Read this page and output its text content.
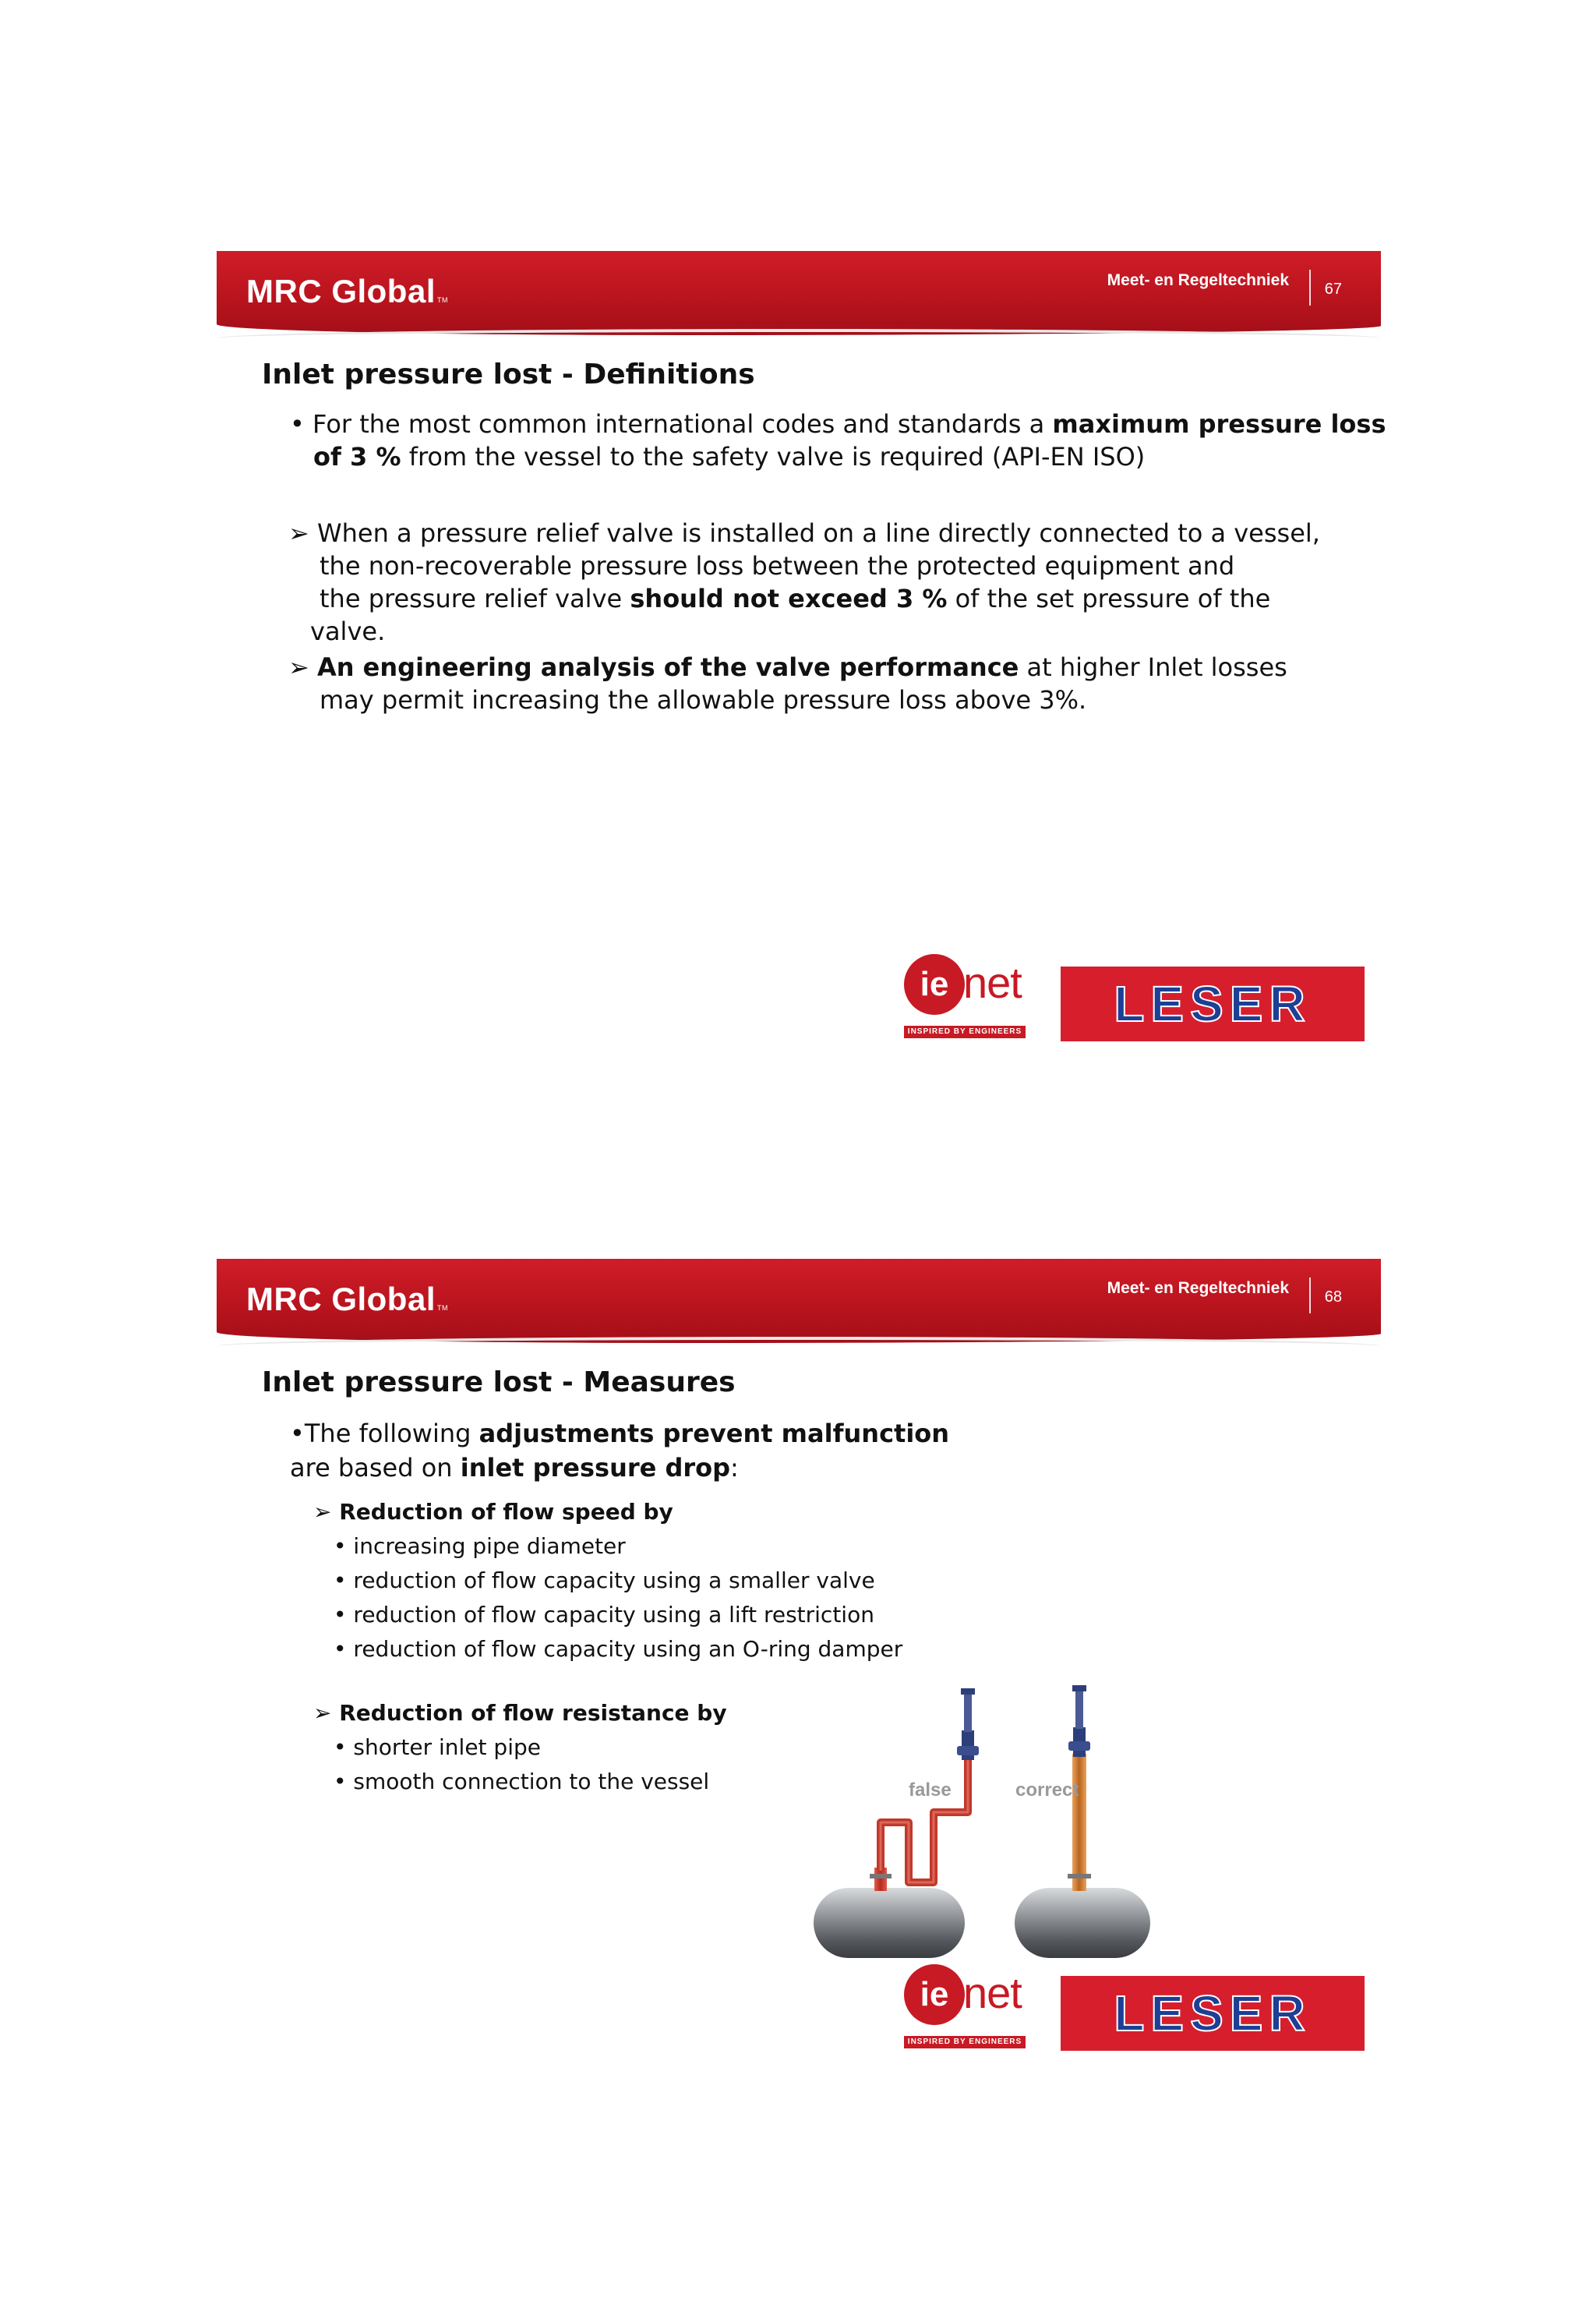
MRC Global TM
Meet- en Regeltechniek 67
Inlet pressure lost - Definitions
• For the most common international codes and standards a maximum pressure loss
of 3 % from the vessel to the safety valve is required (API-EN ISO)
➢ When a pressure relief valve is installed on a line directly connected to a vessel,
the non-recoverable pressure loss between the protected equipment and
the pressure relief valve should not exceed 3 % of the set pressure of the
valve.
➢ An engineering analysis of the valve performance at higher Inlet losses
may permit increasing the allowable pressure loss above 3%.
ie net
INSPIRED BY ENGINEERS LESER
MRC Global TM
Meet- en Regeltechniek 68
Inlet pressure lost - Measures
•The following adjustments prevent malfunction
are based on inlet pressure drop:
➢ Reduction of flow speed by
• increasing pipe diameter
• reduction of flow capacity using a smaller valve
• reduction of flow capacity using a lift restriction
• reduction of flow capacity using an O-ring damper
➢ Reduction of flow resistance by
• shorter inlet pipe
• smooth connection to the vessel	false	correct
ie net
INSPIRED BY ENGINEERS
LESER
